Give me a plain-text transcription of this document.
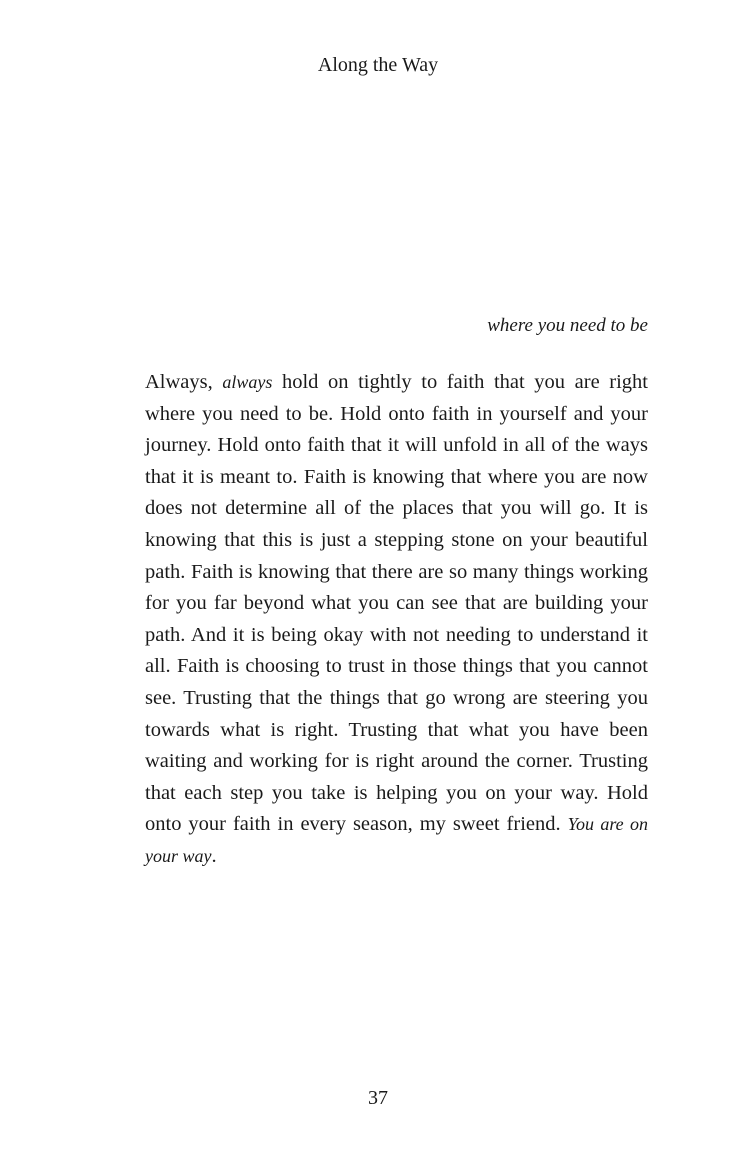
Along the Way
where you need to be

Always, always hold on tightly to faith that you are right where you need to be. Hold onto faith in yourself and your journey. Hold onto faith that it will unfold in all of the ways that it is meant to. Faith is knowing that where you are now does not determine all of the places that you will go. It is knowing that this is just a stepping stone on your beautiful path. Faith is knowing that there are so many things working for you far beyond what you can see that are building your path. And it is being okay with not needing to understand it all. Faith is choosing to trust in those things that you cannot see. Trusting that the things that go wrong are steering you towards what is right. Trusting that what you have been waiting and working for is right around the corner. Trusting that each step you take is helping you on your way. Hold onto your faith in every season, my sweet friend. You are on your way.

37
